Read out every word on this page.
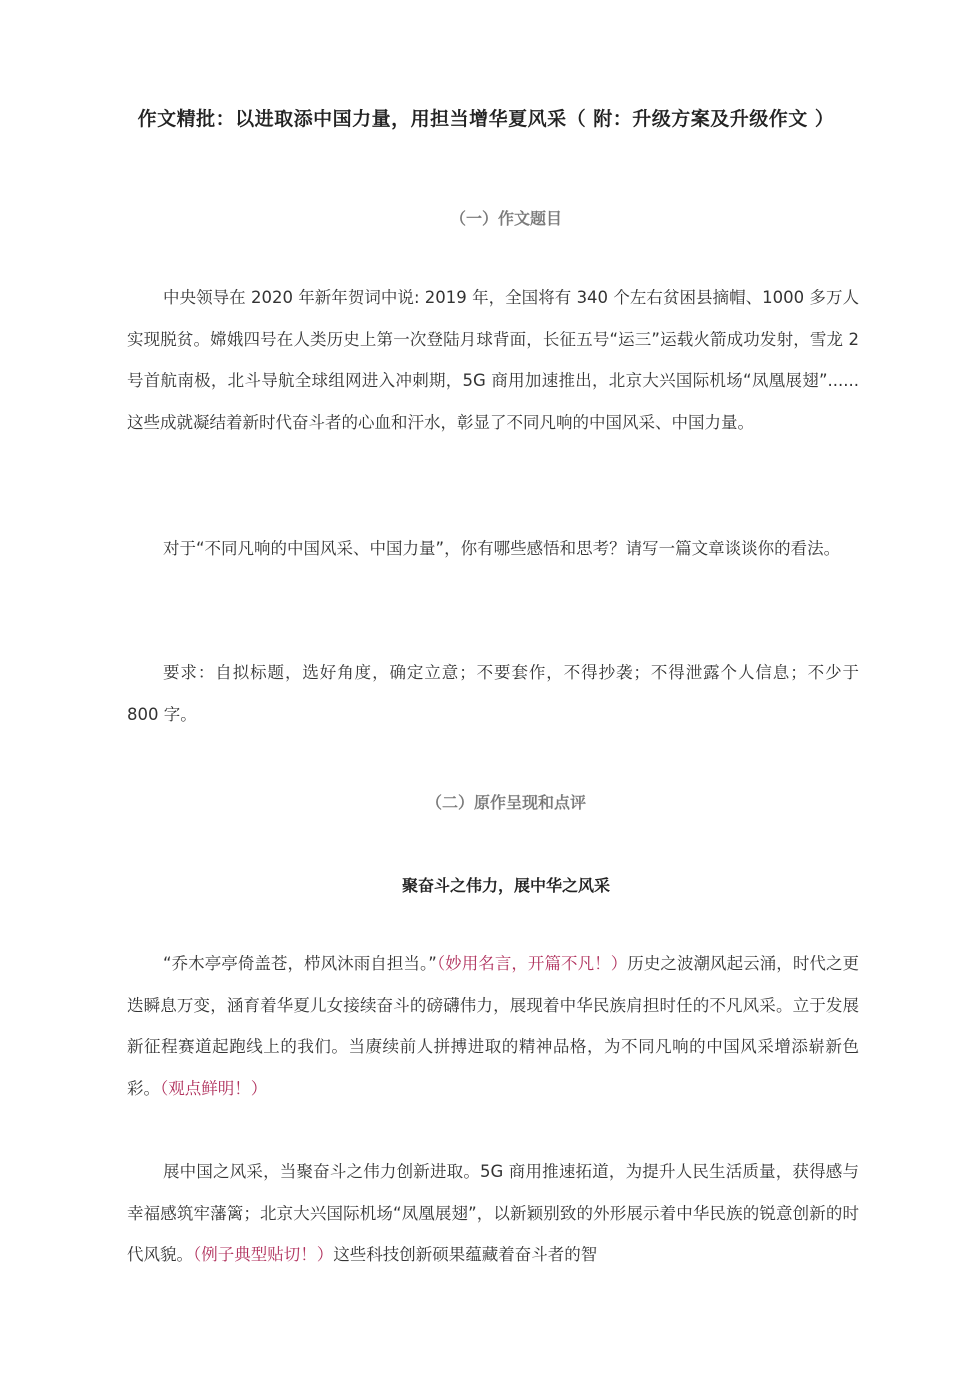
作文精批：以进取添中国力量，用担当增华夏风采（ 附：升级方案及升级作文 ）
（一）作文题目
中央领导在 2020 年新年贺词中说: 2019 年，全国将有 340 个左右贫困县摘帽、1000 多万人实现脱贫。嫦娥四号在人类历史上第一次登陆月球背面，长征五号“运三”运载火箭成功发射，雪龙 2 号首航南极，北斗导航全球组网进入冲刺期，5G 商用加速推出，北京大兴国际机场“凤凰展翅”......这些成就凝结着新时代奋斗者的心血和汗水，彰显了不同凡响的中国风采、中国力量。
对于“不同凡响的中国风采、中国力量”，你有哪些感悟和思考？请写一篇文章谈谈你的看法。
要求：自拟标题，选好角度，确定立意；不要套作，不得抄袭；不得泄露个人信息；不少于 800 字。
（二）原作呈现和点评
聚奋斗之伟力，展中华之风采
“乔木亭亭倚盖苍，栉风沐雨自担当。”（妙用名言，开篇不凡！）历史之波潮风起云涌，时代之更迭瞬息万变，涵育着华夏儿女接续奋斗的磅礴伟力，展现着中华民族肩担时任的不凡风采。立于发展新征程赛道起跑线上的我们。当赓续前人拼搏进取的精神品格，为不同凡响的中国风采增添崭新色彩。（观点鲜明！）
展中国之风采，当聚奋斗之伟力创新进取。5G 商用推速拓道，为提升人民生活质量，获得感与幸福感筑牢藩篱；北京大兴国际机场“凤凰展翅”，以新颖别致的外形展示着中华民族的锐意创新的时代风貌。（例子典型贴切！）这些科技创新硕果蕴藏着奋斗者的智
